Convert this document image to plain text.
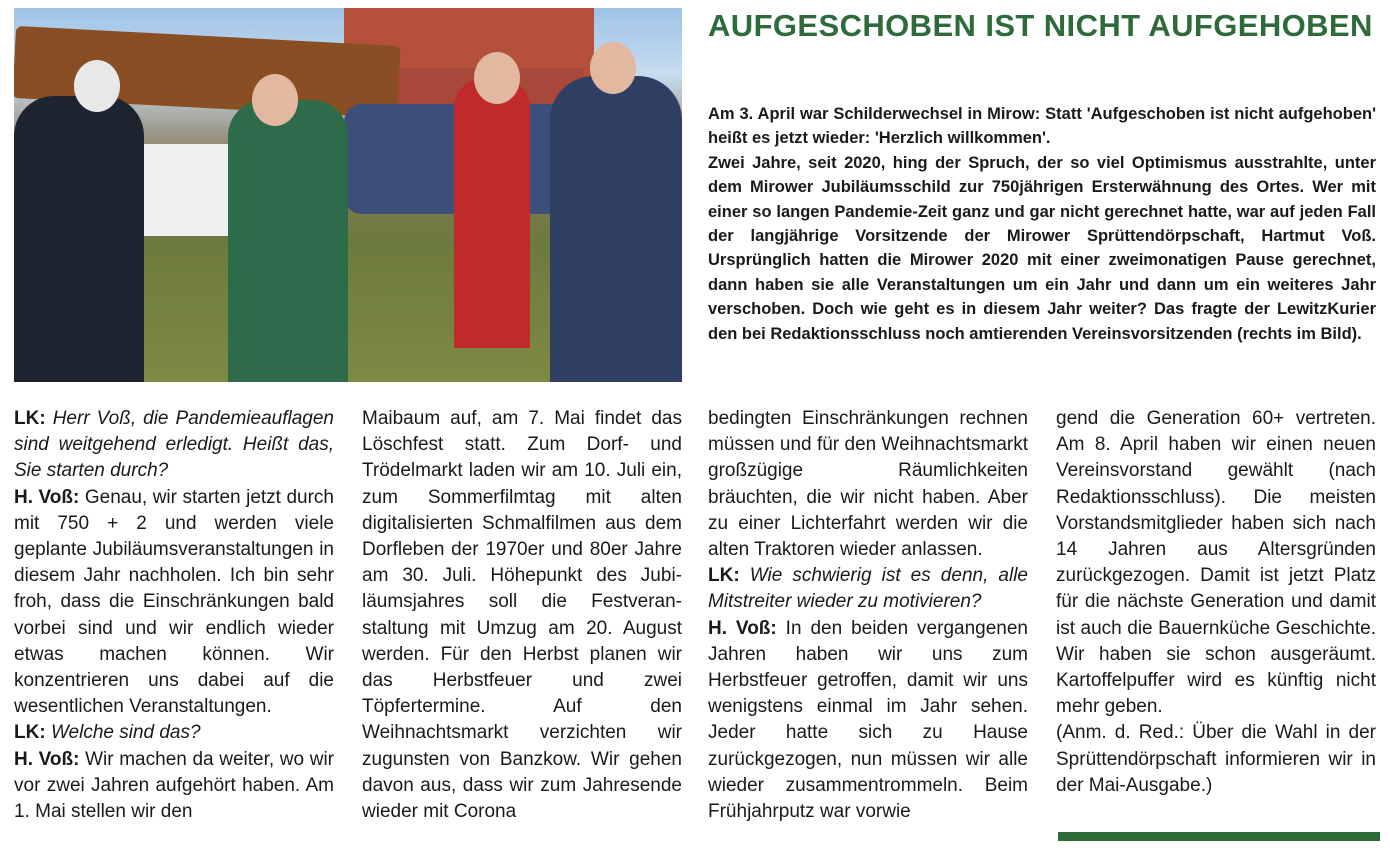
AUFGESCHOBEN IST NICHT AUFGEHOBEN
Am 3. April war Schilderwechsel in Mirow: Statt 'Aufgeschoben ist nicht aufgehoben' heißt es jetzt wieder: 'Herzlich willkommen'.
Zwei Jahre, seit 2020, hing der Spruch, der so viel Optimismus ausstrahlte, unter dem Mirower Jubiläumsschild zur 750jährigen Ersterwähnung des Ortes. Wer mit einer so langen Pandemie-Zeit ganz und gar nicht gerechnet hatte, war auf jeden Fall der langjährige Vorsitzende der Mirower Sprüttendörpschaft, Hartmut Voß. Ursprünglich hatten die Mirower 2020 mit einer zweimonatigen Pause gerechnet, dann haben sie alle Veranstaltungen um ein Jahr und dann um ein weiteres Jahr verschoben. Doch wie geht es in diesem Jahr weiter? Das fragte der LewitzKurier den bei Redaktionsschluss noch amtierenden Vereinsvorsitzenden (rechts im Bild).

LK: Herr Voß, die Pandemieauflagen sind weitgehend erledigt. Heißt das, Sie starten durch?

H. Voß: Genau, wir starten jetzt durch mit 750 + 2 und werden viele geplante Jubiläumsveranstaltungen in diesem Jahr nachholen. Ich bin sehr froh, dass die Einschränkungen bald vorbei sind und wir endlich wieder etwas machen können. Wir konzentrieren uns dabei auf die wesentlichen Veranstaltungen.

LK: Welche sind das?

H. Voß: Wir machen da weiter, wo wir vor zwei Jahren aufgehört haben. Am 1. Mai stellen wir den

Maibaum auf, am 7. Mai findet das Löschfest statt. Zum Dorf- und Trödelmarkt laden wir am 10. Juli ein, zum Sommerfilmtag mit alten digitalisierten Schmalfilmen aus dem Dorfleben der 1970er und 80er Jahre am 30. Juli. Höhepunkt des Jubiläumsjahres soll die Festveranstaltung mit Umzug am 20. August werden. Für den Herbst planen wir das Herbstfeuer und zwei Töpfertermine. Auf den Weihnachtsmarkt verzichten wir zugunsten von Banzkow. Wir gehen davon aus, dass wir zum Jahresende wieder mit Corona

bedingten Einschränkungen rechnen müssen und für den Weihnachtsmarkt großzügige Räumlichkeiten bräuchten, die wir nicht haben. Aber zu einer Lichterfahrt werden wir die alten Traktoren wieder anlassen.

LK: Wie schwierig ist es denn, alle Mitstreiter wieder zu motivieren?

H. Voß: In den beiden vergangenen Jahren haben wir uns zum Herbstfeuer getroffen, damit wir uns wenigstens einmal im Jahr sehen. Jeder hatte sich zu Hause zurückgezogen, nun müssen wir alle wieder zusammentrommeln. Beim Frühjahrputz war vorwie

gend die Generation 60+ vertreten. Am 8. April haben wir einen neuen Vereinsvorstand gewählt (nach Redaktionsschluss). Die meisten Vorstandsmitglieder haben sich nach 14 Jahren aus Altersgründen zurückgezogen. Damit ist jetzt Platz für die nächste Generation und damit ist auch die Bauernküche Geschichte. Wir haben sie schon ausgeräumt. Kartoffelpuffer wird es künftig nicht mehr geben.

(Anm. d. Red.: Über die Wahl in der Sprüttendörpschaft informieren wir in der Mai-Ausgabe.)
